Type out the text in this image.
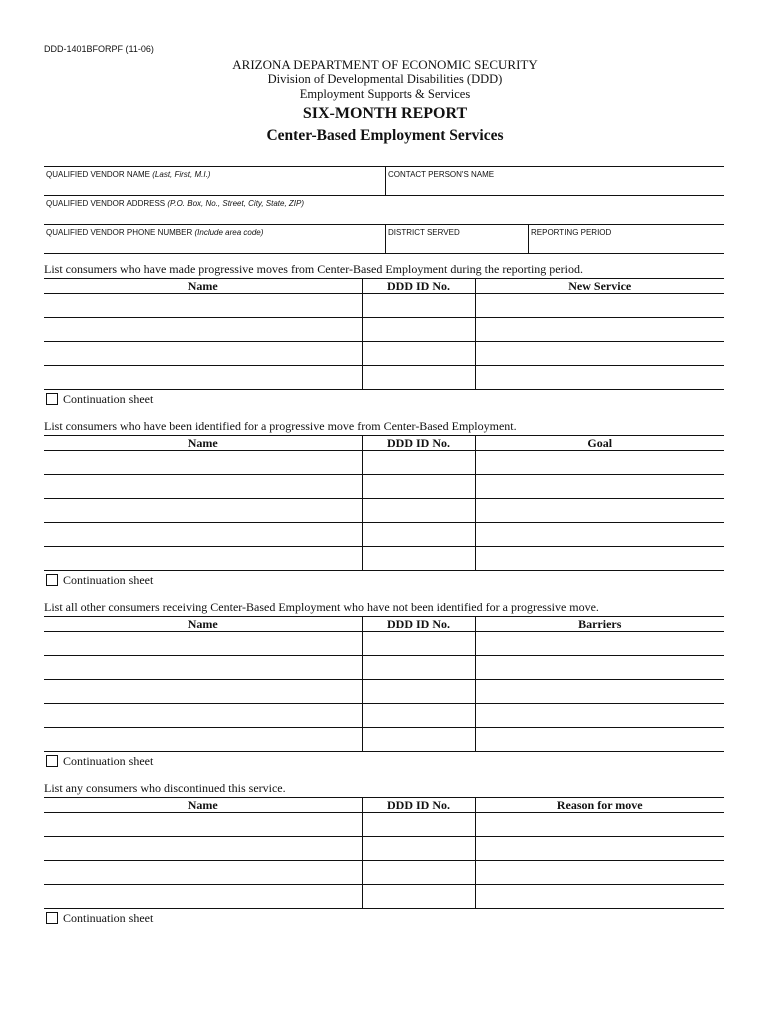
DDD-1401BFORPF (11-06)
ARIZONA DEPARTMENT OF ECONOMIC SECURITY
Division of Developmental Disabilities (DDD)
Employment Supports & Services
SIX-MONTH REPORT
Center-Based Employment Services
QUALIFIED VENDOR NAME (Last, First, M.I.)	CONTACT PERSON'S NAME
QUALIFIED VENDOR ADDRESS (P.O. Box, No., Street, City, State, ZIP)
QUALIFIED VENDOR PHONE NUMBER (Include area code)	DISTRICT SERVED	REPORTING PERIOD
List consumers who have made progressive moves from Center-Based Employment during the reporting period.
Name	DDD ID No.	New Service

Continuation sheet
List consumers who have been identified for a progressive move from Center-Based Employment.
Name	DDD ID No.	Goal

Continuation sheet
List all other consumers receiving Center-Based Employment who have not been identified for a progressive move.
Name	DDD ID No.	Barriers

Continuation sheet
List any consumers who discontinued this service.
Name	DDD ID No.	Reason for move

Continuation sheet
